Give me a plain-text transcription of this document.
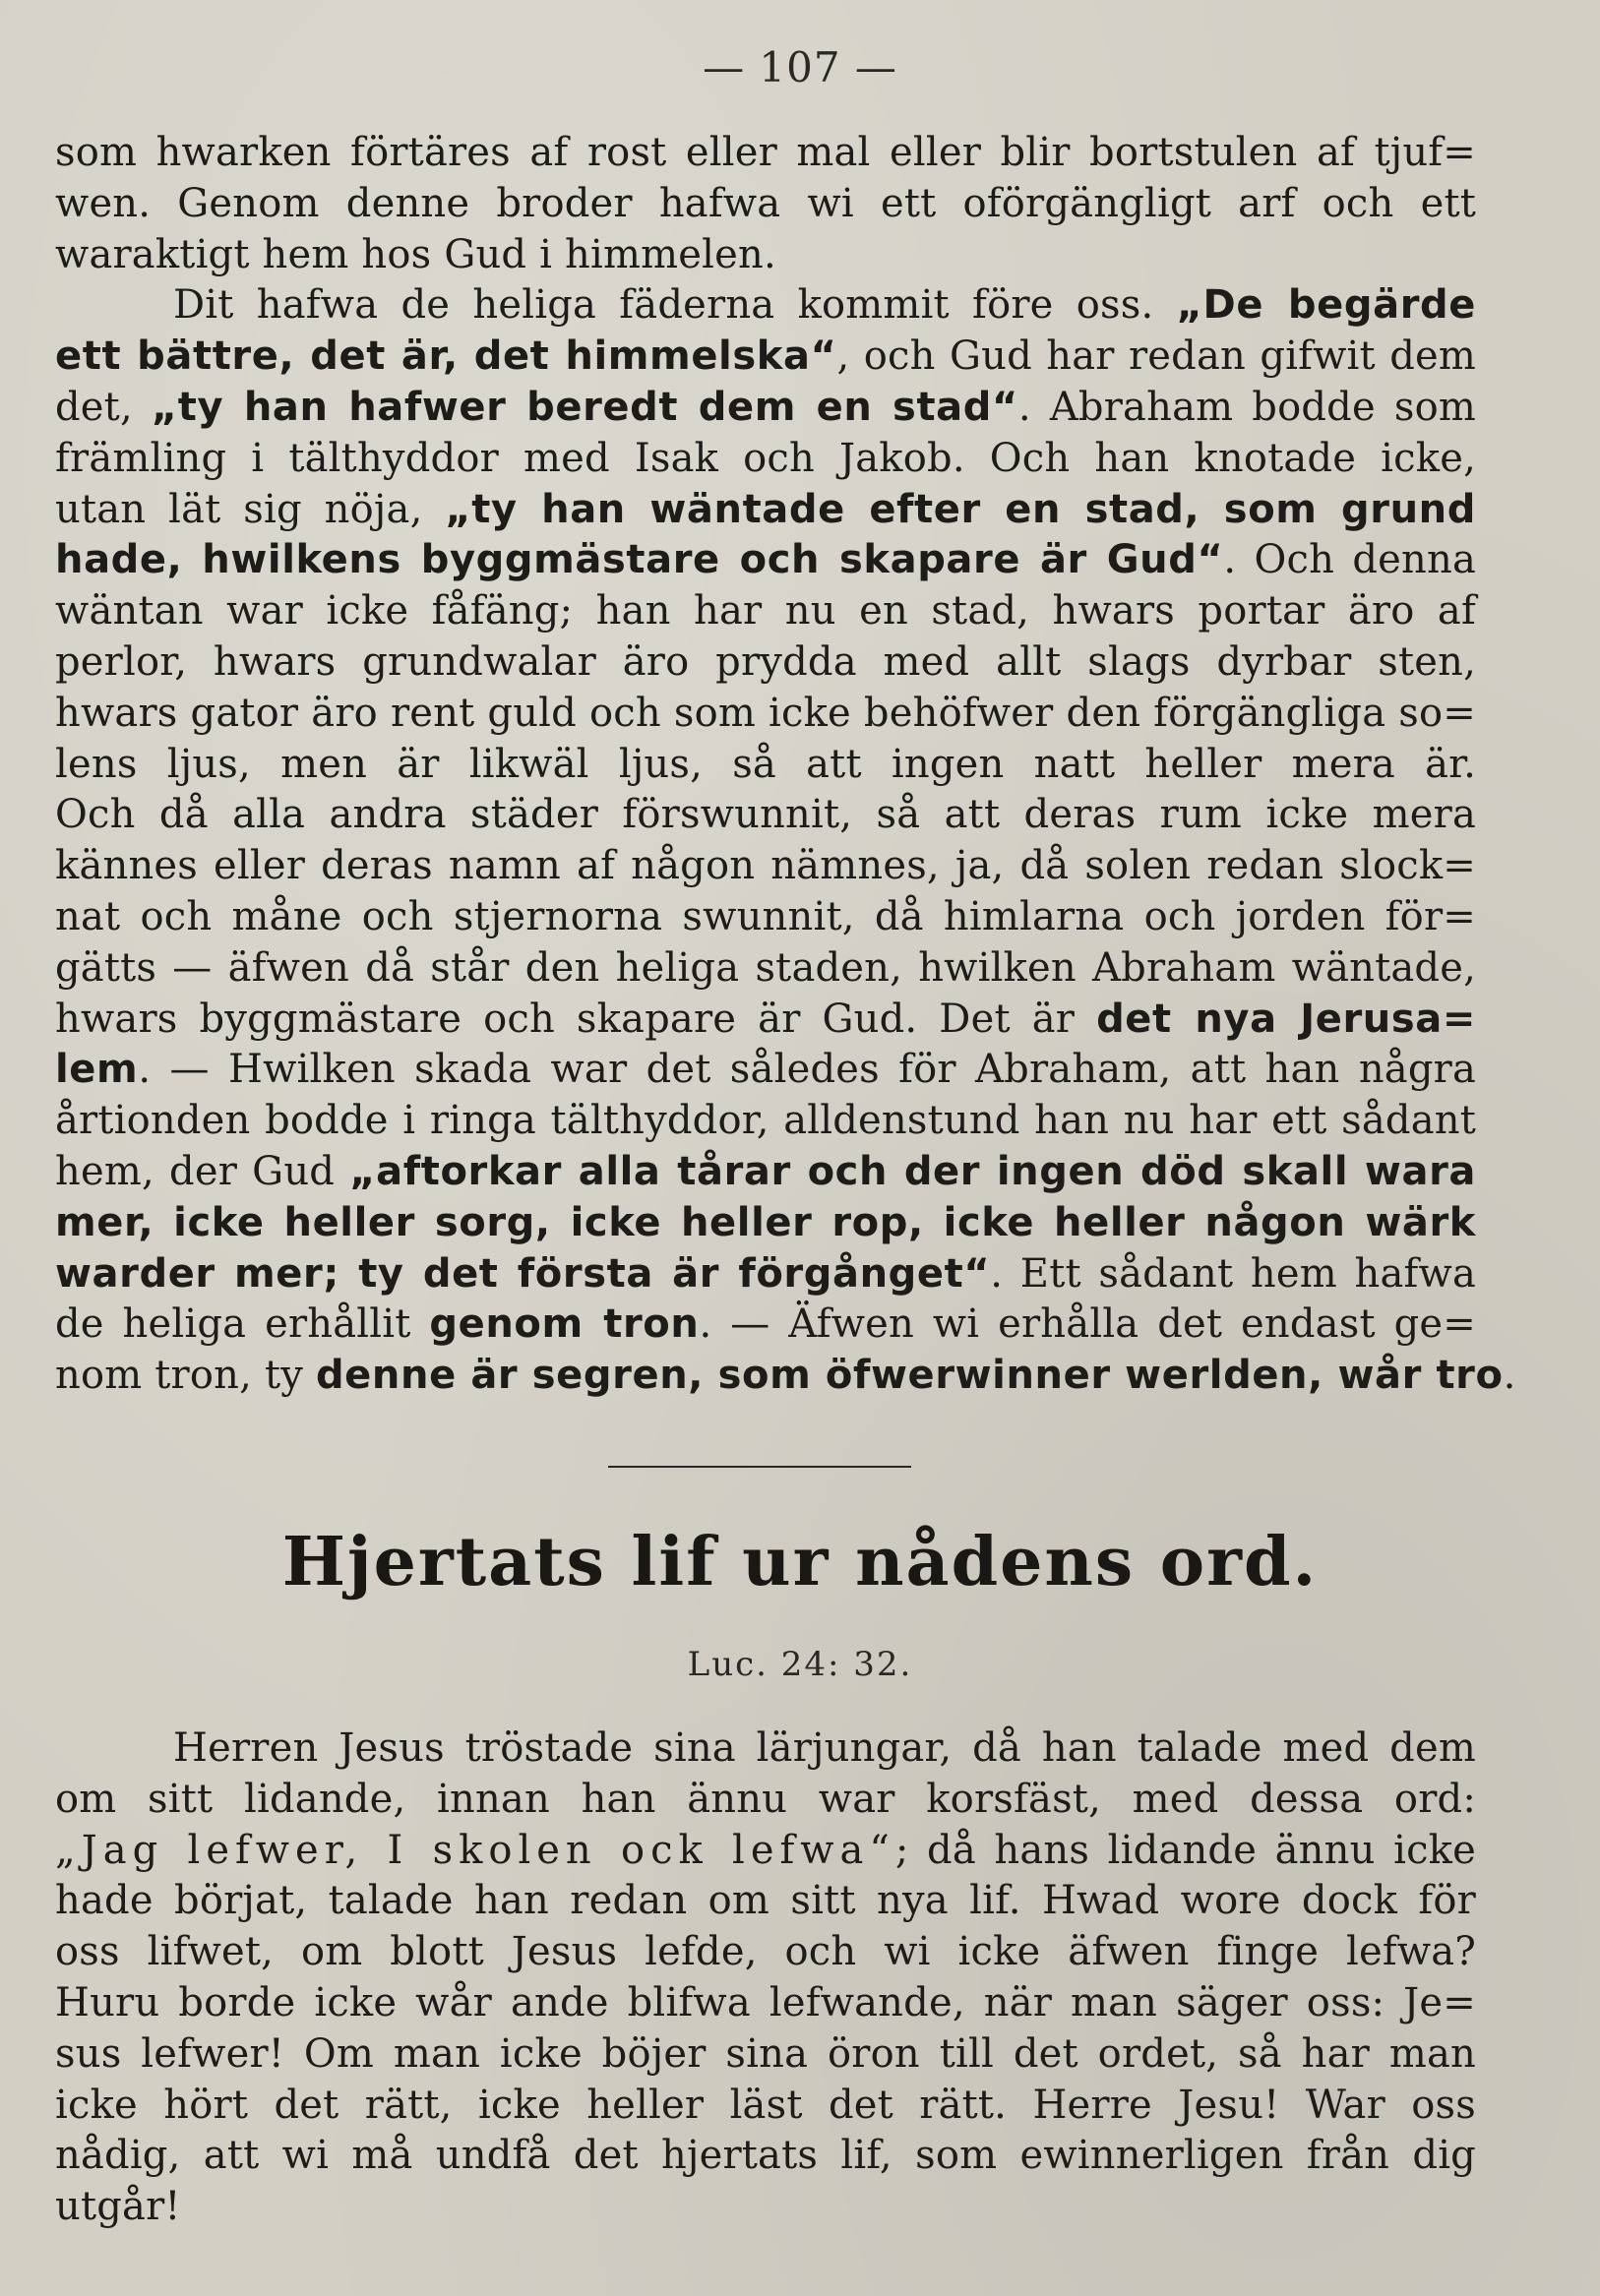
— 107 —
som hwarken förtäres af rost eller mal eller blir bortstulen af tjuf=
wen. Genom denne broder hafwa wi ett oförgängligt arf och ett
waraktigt hem hos Gud i himmelen.
Dit hafwa de heliga fäderna kommit före oss. „De begärde
ett bättre, det är, det himmelska“, och Gud har redan gifwit dem
det, „ty han hafwer beredt dem en stad“. Abraham bodde som
främling i tälthyddor med Isak och Jakob. Och han knotade icke,
utan lät sig nöja, „ty han wäntade efter en stad, som grund
hade, hwilkens byggmästare och skapare är Gud“. Och denna
wäntan war icke fåfäng; han har nu en stad, hwars portar äro af
perlor, hwars grundwalar äro prydda med allt slags dyrbar sten,
hwars gator äro rent guld och som icke behöfwer den förgängliga so=
lens ljus, men är likwäl ljus, så att ingen natt heller mera är.
Och då alla andra städer förswunnit, så att deras rum icke mera
kännes eller deras namn af någon nämnes, ja, då solen redan slock=
nat och måne och stjernorna swunnit, då himlarna och jorden för=
gätts — äfwen då står den heliga staden, hwilken Abraham wäntade,
hwars byggmästare och skapare är Gud. Det är det nya Jerusa=
lem. — Hwilken skada war det således för Abraham, att han några
årtionden bodde i ringa tälthyddor, alldenstund han nu har ett sådant
hem, der Gud „aftorkar alla tårar och der ingen död skall wara
mer, icke heller sorg, icke heller rop, icke heller någon wärk
warder mer; ty det första är förgånget“. Ett sådant hem hafwa
de heliga erhållit genom tron. — Äfwen wi erhålla det endast ge=
nom tron, ty denne är segren, som öfwerwinner werlden, wår tro.
Hjertats lif ur nådens ord.
Luc. 24: 32.
Herren Jesus tröstade sina lärjungar, då han talade med dem
om sitt lidande, innan han ännu war korsfäst, med dessa ord:
„Jag lefwer, I skolen ock lefwa“; då hans lidande ännu icke
hade börjat, talade han redan om sitt nya lif. Hwad wore dock för
oss lifwet, om blott Jesus lefde, och wi icke äfwen finge lefwa?
Huru borde icke wår ande blifwa lefwande, när man säger oss: Je=
sus lefwer! Om man icke böjer sina öron till det ordet, så har man
icke hört det rätt, icke heller läst det rätt. Herre Jesu! War oss
nådig, att wi må undfå det hjertats lif, som ewinnerligen från dig
utgår!
